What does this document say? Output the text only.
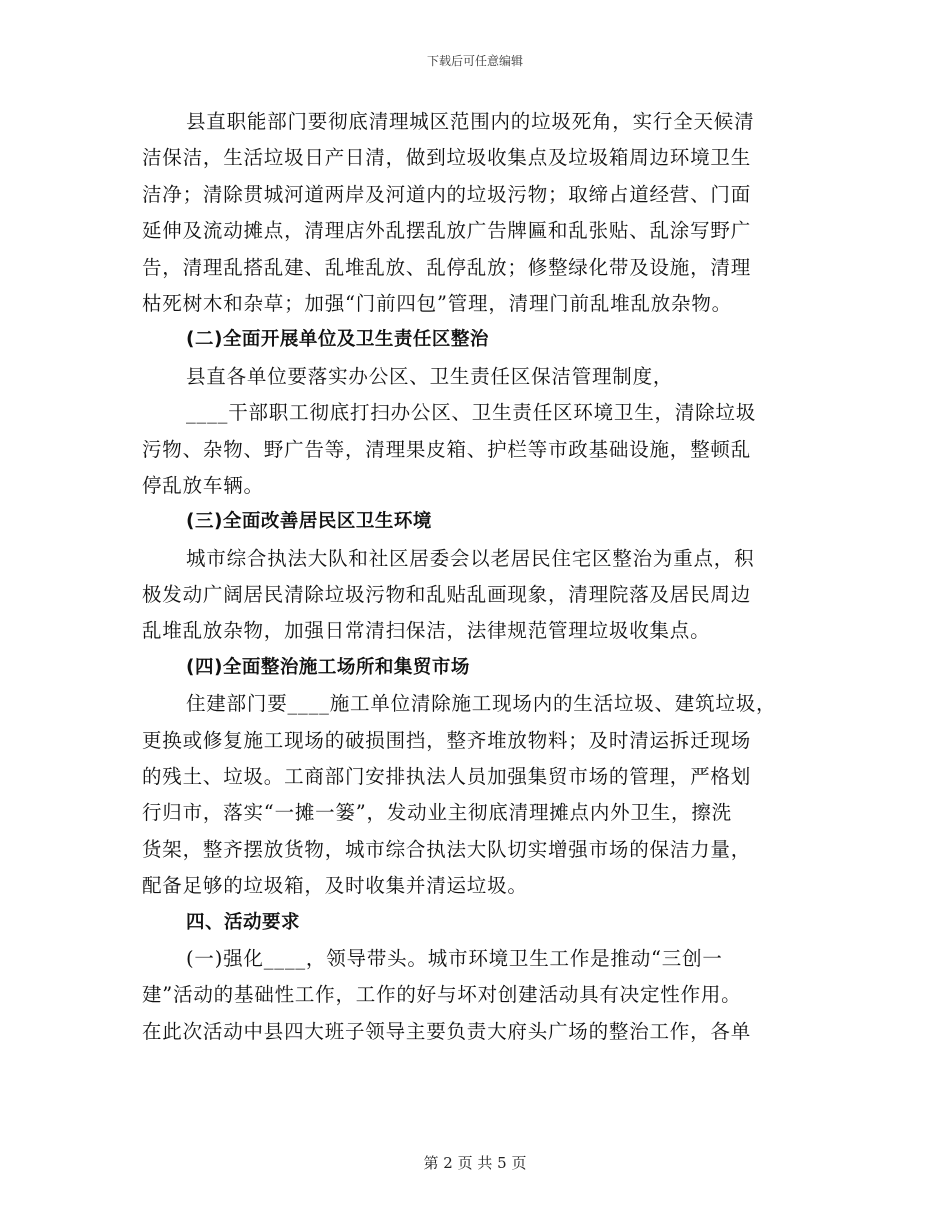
下载后可任意编辑
县直职能部门要彻底清理城区范围内的垃圾死角，实行全天候清
洁保洁，生活垃圾日产日清，做到垃圾收集点及垃圾箱周边环境卫生
洁净；清除贯城河道两岸及河道内的垃圾污物；取缔占道经营、门面
延伸及流动摊点，清理店外乱摆乱放广告牌匾和乱张贴、乱涂写野广
告，清理乱搭乱建、乱堆乱放、乱停乱放；修整绿化带及设施，清理
枯死树木和杂草；加强“门前四包”管理，清理门前乱堆乱放杂物。
(二)全面开展单位及卫生责任区整治
县直各单位要落实办公区、卫生责任区保洁管理制度，
____干部职工彻底打扫办公区、卫生责任区环境卫生，清除垃圾
污物、杂物、野广告等，清理果皮箱、护栏等市政基础设施，整顿乱
停乱放车辆。
(三)全面改善居民区卫生环境
城市综合执法大队和社区居委会以老居民住宅区整治为重点，积
极发动广阔居民清除垃圾污物和乱贴乱画现象，清理院落及居民周边
乱堆乱放杂物，加强日常清扫保洁，法律规范管理垃圾收集点。
(四)全面整治施工场所和集贸市场
住建部门要____施工单位清除施工现场内的生活垃圾、建筑垃圾，
更换或修复施工现场的破损围挡，整齐堆放物料；及时清运拆迁现场
的残土、垃圾。工商部门安排执法人员加强集贸市场的管理，严格划
行归市，落实“一摊一篓”，发动业主彻底清理摊点内外卫生，擦洗
货架，整齐摆放货物，城市综合执法大队切实增强市场的保洁力量，
配备足够的垃圾箱，及时收集并清运垃圾。
四、活动要求
(一)强化____，领导带头。城市环境卫生工作是推动“三创一
建”活动的基础性工作，工作的好与坏对创建活动具有决定性作用。
在此次活动中县四大班子领导主要负责大府头广场的整治工作，各单
第 2 页 共 5 页
